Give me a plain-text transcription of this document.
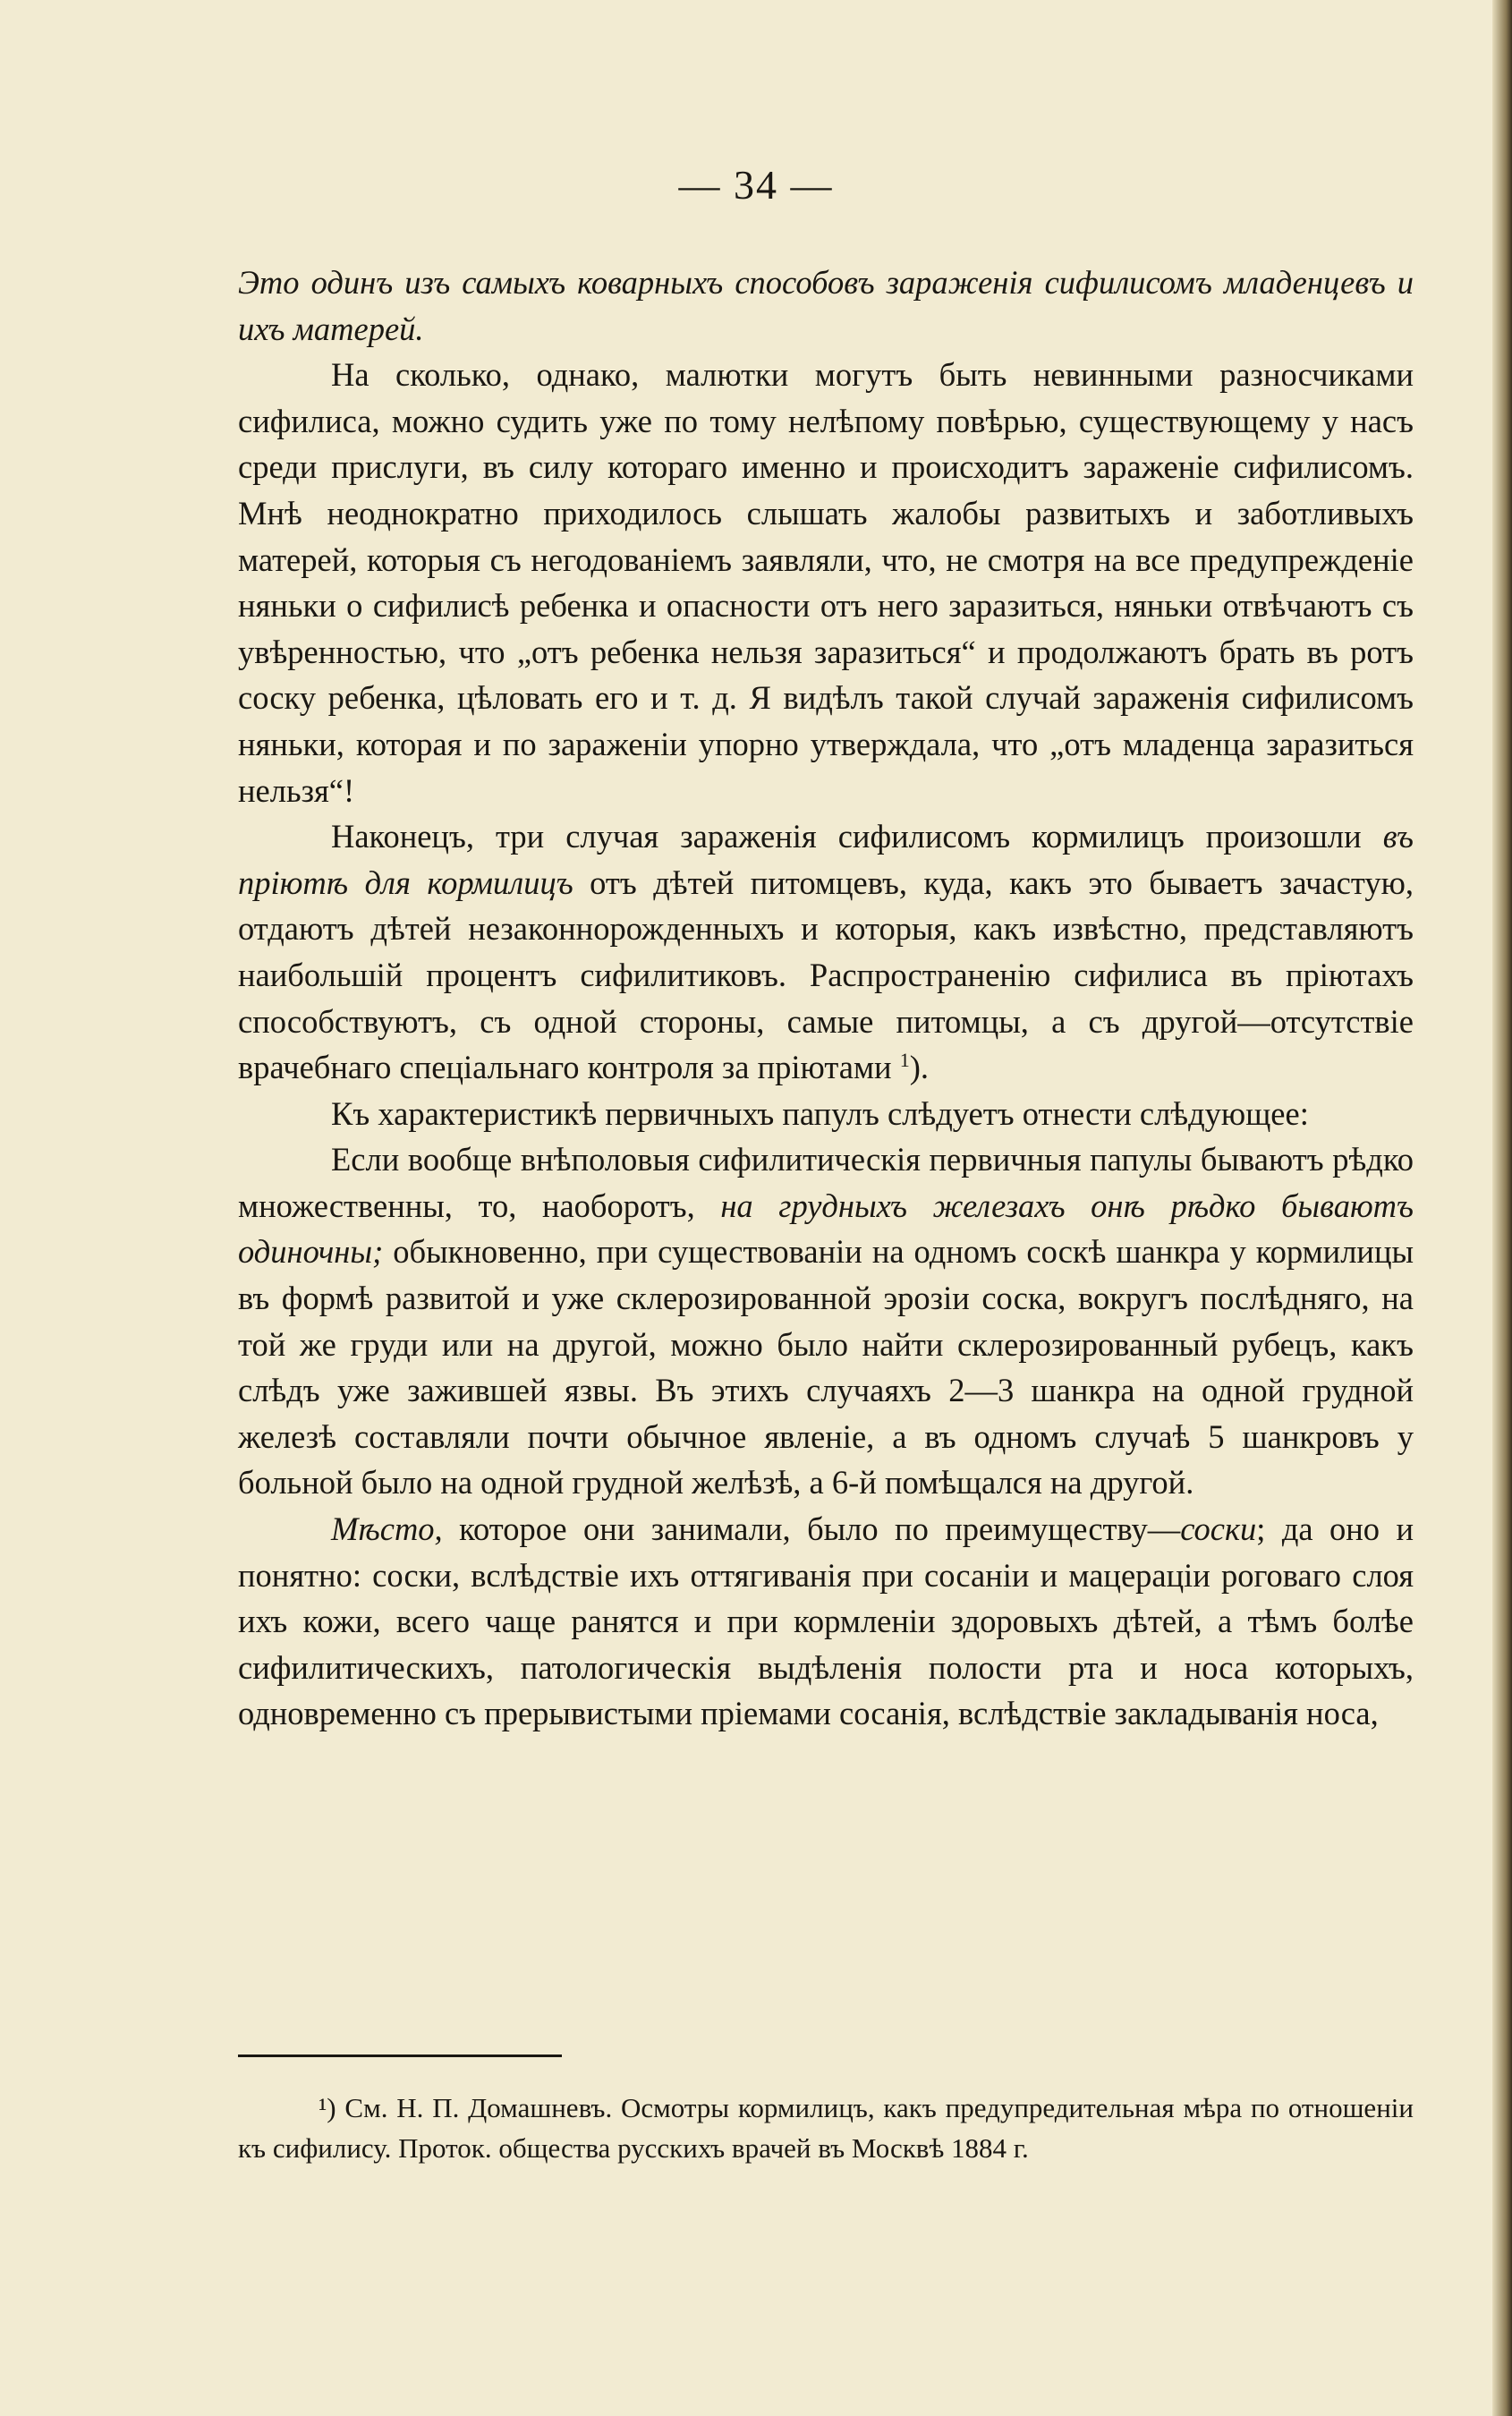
— 34 —

Это одинъ изъ самыхъ коварныхъ способовъ зараженія сифилисомъ младенцевъ и ихъ матерей.

На сколько, однако, малютки могутъ быть невинными разносчиками сифилиса, можно судить уже по тому нелѣпому повѣрью, существующему у насъ среди прислуги, въ силу котораго именно и происходитъ зараженіе сифилисомъ. Мнѣ неоднократно приходилось слышать жалобы развитыхъ и заботливыхъ матерей, которыя съ негодованіемъ заявляли, что, не смотря на все предупрежденіе няньки о сифилисѣ ребенка и опасности отъ него заразиться, няньки отвѣчаютъ съ увѣренностью, что „отъ ребенка нельзя заразиться“ и продолжаютъ брать въ ротъ соску ребенка, цѣловать его и т. д. Я видѣлъ такой случай зараженія сифилисомъ няньки, которая и по зараженіи упорно утверждала, что „отъ младенца заразиться нельзя“!

Наконецъ, три случая зараженія сифилисомъ кормилицъ произошли въ пріютѣ для кормилицъ отъ дѣтей питомцевъ, куда, какъ это бываетъ зачастую, отдаютъ дѣтей незаконнорожденныхъ и которыя, какъ извѣстно, представляютъ наибольшій процентъ сифилитиковъ. Распространенію сифилиса въ пріютахъ способствуютъ, съ одной стороны, самые питомцы, а съ другой—отсутствіе врачебнаго спеціальнаго контроля за пріютами $^1$).

Къ характеристикѣ первичныхъ папулъ слѣдуетъ отнести слѣдующее:

Если вообще внѣполовыя сифилитическія первичныя папулы бываютъ рѣдко множественны, то, наоборотъ, на грудныхъ железахъ онѣ рѣдко бываютъ одиночны; обыкновенно, при существованіи на одномъ соскѣ шанкра у кормилицы въ формѣ развитой и уже склерозированной эрозіи соска, вокругъ послѣдняго, на той же груди или на другой, можно было найти склерозированный рубецъ, какъ слѣдъ уже зажившей язвы. Въ этихъ случаяхъ 2—3 шанкра на одной грудной железѣ составляли почти обычное явленіе, а въ одномъ случаѣ 5 шанкровъ у больной было на одной грудной желѣзѣ, а 6-й помѣщался на другой.

Мѣсто, которое они занимали, было по преимуществу—соски; да оно и понятно: соски, вслѣдствіе ихъ оттягиванія при сосаніи и мацераціи роговаго слоя ихъ кожи, всего чаще ранятся и при кормленіи здоровыхъ дѣтей, а тѣмъ болѣе сифилитическихъ, патологическія выдѣленія полости рта и носа которыхъ, одновременно съ прерывистыми пріемами сосанія, вслѣдствіе закладыванія носа,

¹) См. Н. П. Домашневъ. Осмотры кормилицъ, какъ предупредительная мѣра по отношеніи къ сифилису. Проток. общества русскихъ врачей въ Москвѣ 1884 г.
